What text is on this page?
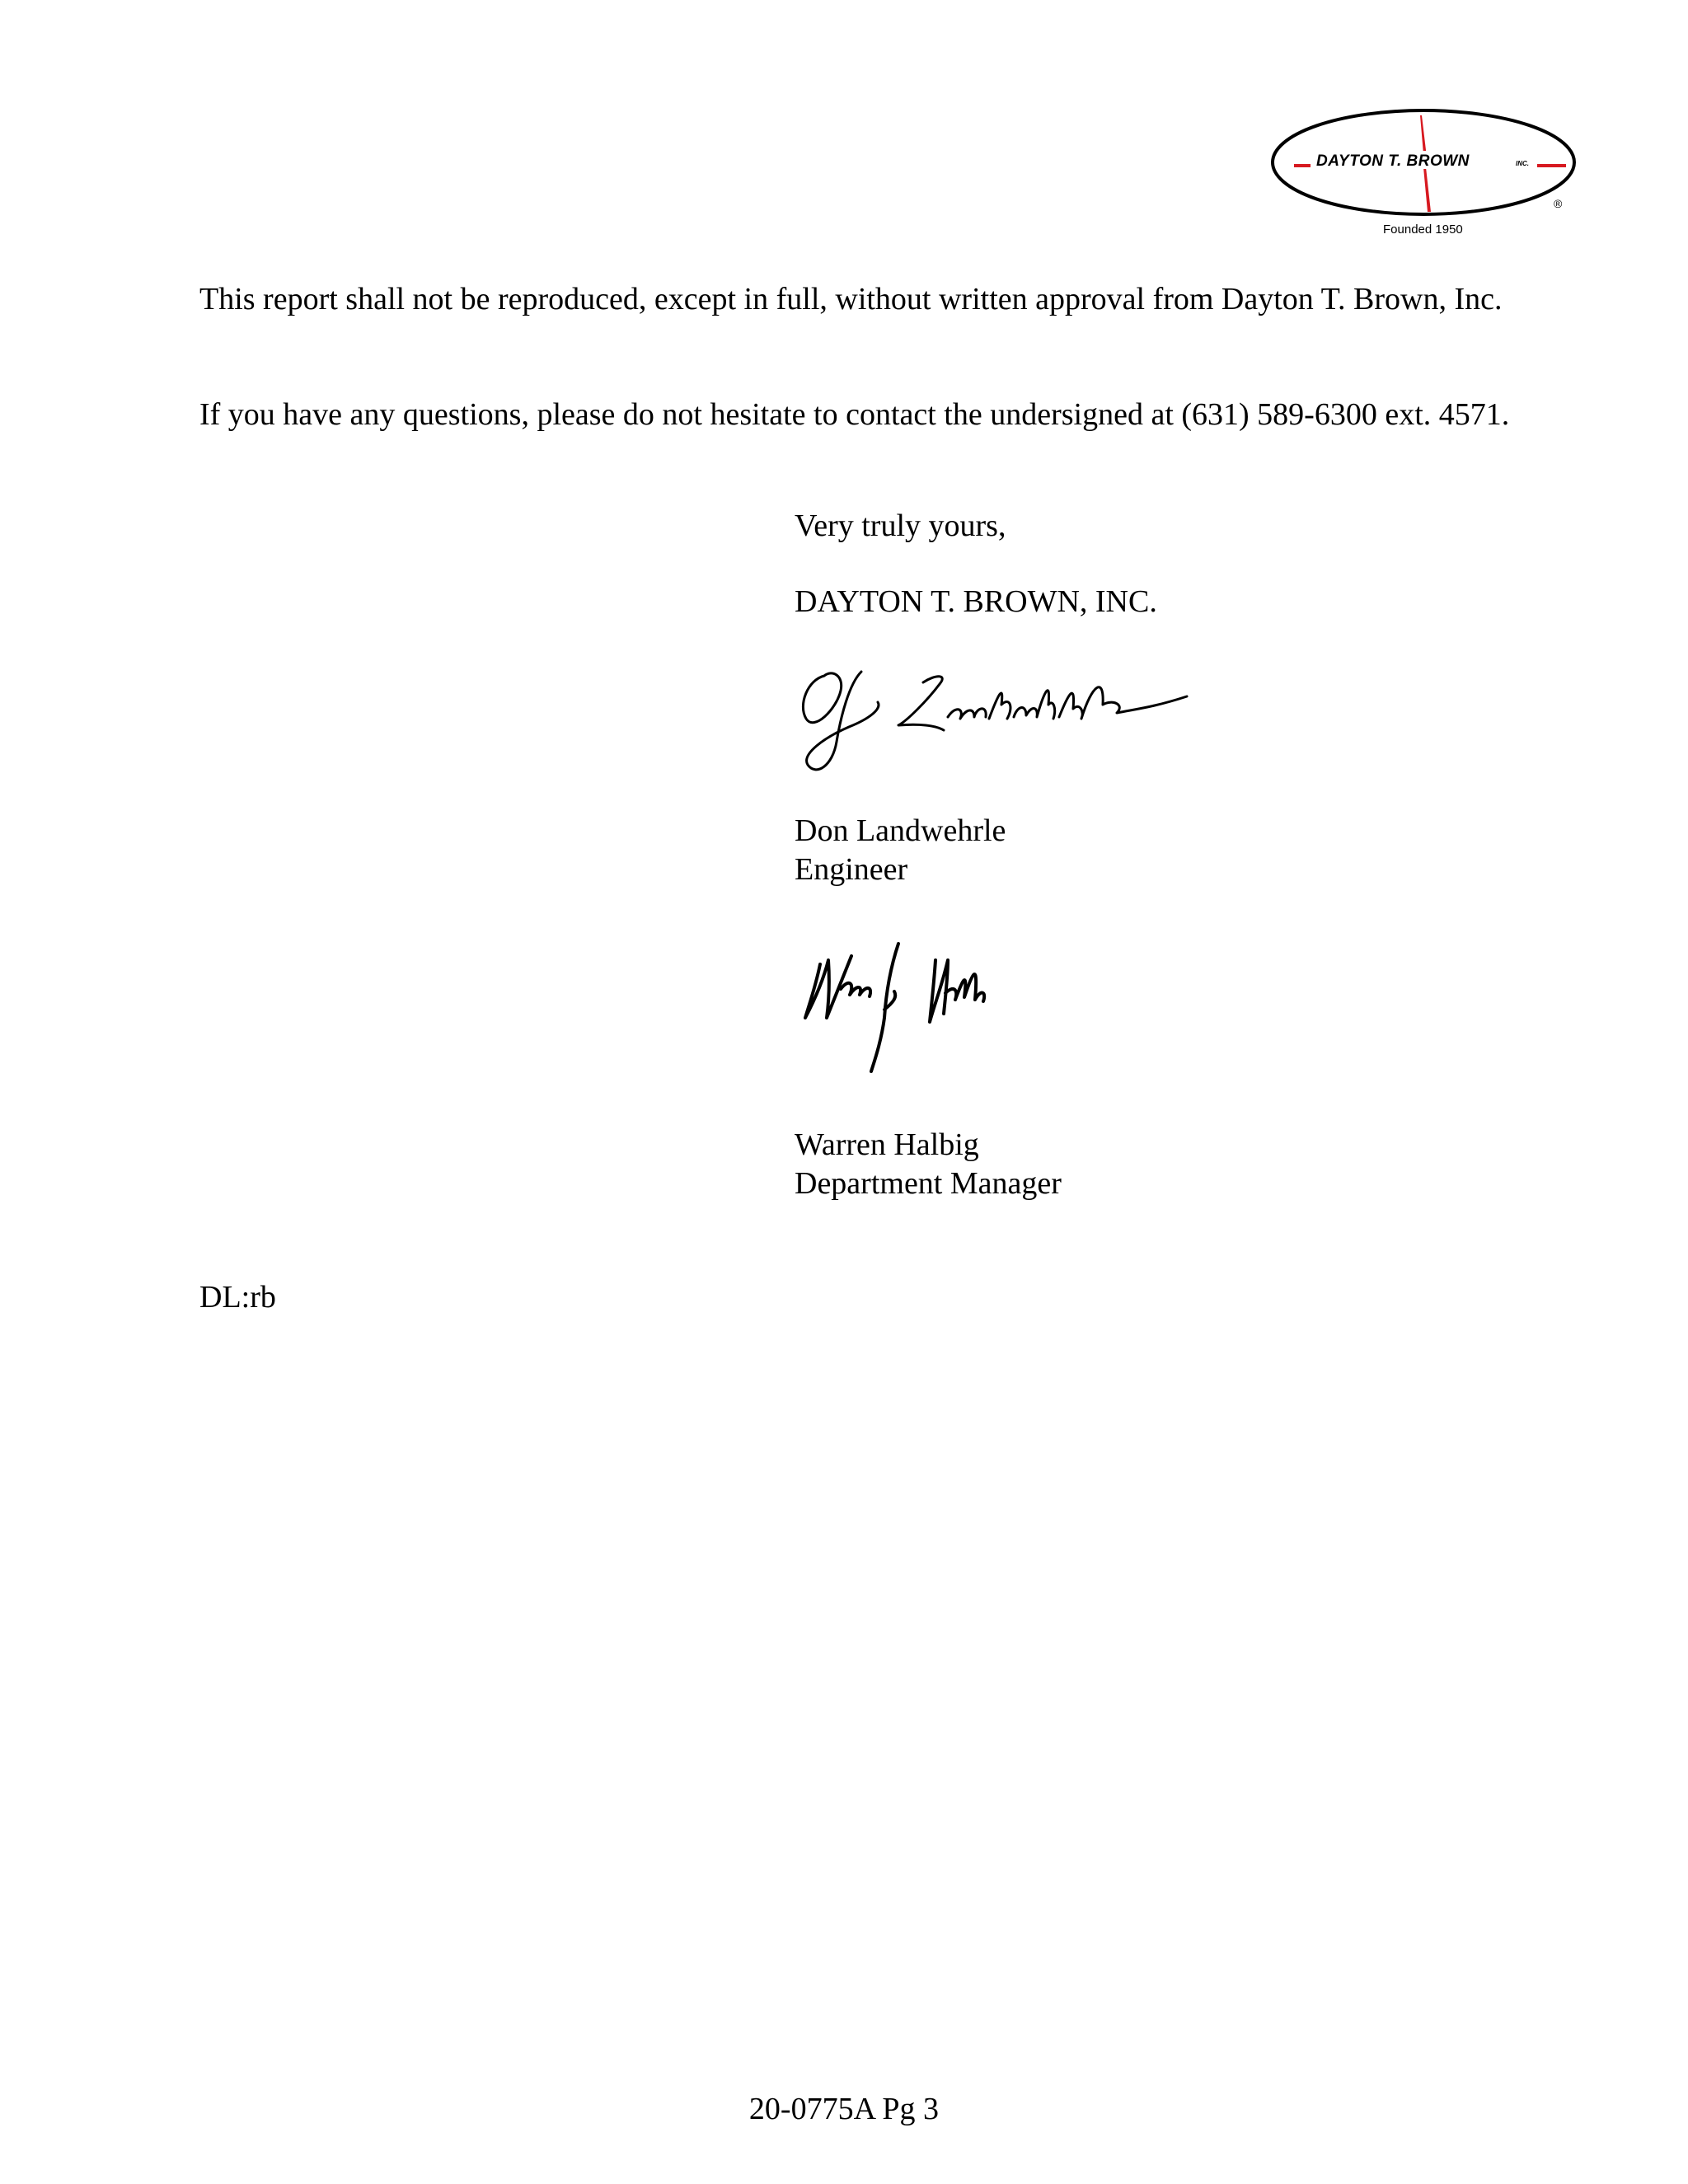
DAYTON T. BROWN	INC.
®
Founded 1950

This report shall not be reproduced, except in full, without written approval from Dayton T. Brown, Inc.

If you have any questions, please do not hesitate to contact the undersigned at (631) 589-6300 ext. 4571.

Very truly yours,

DAYTON T. BROWN, INC.

Don Landwehrle

Engineer

Warren Halbig

Department Manager

DL:rb

20-0775A Pg 3
